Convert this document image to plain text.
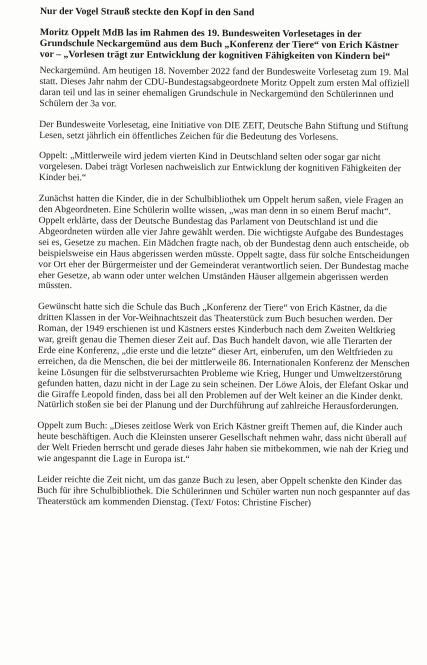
Nur der Vogel Strauß steckte den Kopf in den Sand
Moritz Oppelt MdB las im Rahmen des 19. Bundesweiten Vorlesetages in der Grundschule Neckargemünd aus dem Buch „Konferenz der Tiere“ von Erich Kästner vor – „Vorlesen trägt zur Entwicklung der kognitiven Fähigkeiten von Kindern bei“

Neckargemünd. Am heutigen 18. November 2022 fand der Bundesweite Vorlesetag zum 19. Mal statt. Dieses Jahr nahm der CDU-Bundestagsabgeordnete Moritz Oppelt zum ersten Mal offiziell daran teil und las in seiner ehemaligen Grundschule in Neckargemünd den Schülerinnen und Schülern der 3a vor.

Der Bundesweite Vorlesetag, eine Initiative von DIE ZEIT, Deutsche Bahn Stiftung und Stiftung Lesen, setzt jährlich ein öffentliches Zeichen für die Bedeutung des Vorlesens.

Oppelt: „Mittlerweile wird jedem vierten Kind in Deutschland selten oder sogar gar nicht vorgelesen. Dabei trägt Vorlesen nachweislich zur Entwicklung der kognitiven Fähigkeiten der Kinder bei.“

Zunächst hatten die Kinder, die in der Schulbibliothek um Oppelt herum saßen, viele Fragen an den Abgeordneten. Eine Schülerin wollte wissen, „was man denn in so einem Beruf macht“. Oppelt erklärte, dass der Deutsche Bundestag das Parlament von Deutschland ist und die Abgeordneten würden alle vier Jahre gewählt werden. Die wichtigste Aufgabe des Bundestages sei es, Gesetze zu machen. Ein Mädchen fragte nach, ob der Bundestag denn auch entscheide, ob beispielsweise ein Haus abgerissen werden müsste. Oppelt sagte, dass für solche Entscheidungen vor Ort eher der Bürgermeister und der Gemeinderat verantwortlich seien. Der Bundestag mache eher Gesetze, ab wann oder unter welchen Umständen Häuser allgemein abgerissen werden müssten.

Gewünscht hatte sich die Schule das Buch „Konferenz der Tiere“ von Erich Kästner, da die dritten Klassen in der Vor-Weihnachtszeit das Theaterstück zum Buch besuchen werden. Der Roman, der 1949 erschienen ist und Kästners erstes Kinderbuch nach dem Zweiten Weltkrieg war, greift genau die Themen dieser Zeit auf. Das Buch handelt davon, wie alle Tierarten der Erde eine Konferenz, „die erste und die letzte“ dieser Art, einberufen, um den Weltfrieden zu erreichen, da die Menschen, die bei der mittlerweile 86. Internationalen Konferenz der Menschen keine Lösungen für die selbstverursachten Probleme wie Krieg, Hunger und Umweltzerstörung gefunden hatten, dazu nicht in der Lage zu sein scheinen. Der Löwe Alois, der Elefant Oskar und die Giraffe Leopold finden, dass bei all den Problemen auf der Welt keiner an die Kinder denkt. Natürlich stoßen sie bei der Planung und der Durchführung auf zahlreiche Herausforderungen.

Oppelt zum Buch: „Dieses zeitlose Werk von Erich Kästner greift Themen auf, die Kinder auch heute beschäftigen. Auch die Kleinsten unserer Gesellschaft nehmen wahr, dass nicht überall auf der Welt Frieden herrscht und gerade dieses Jahr haben sie mitbekommen, wie nah der Krieg und wie angespannt die Lage in Europa ist.“

Leider reichte die Zeit nicht, um das ganze Buch zu lesen, aber Oppelt schenkte den Kinder das Buch für ihre Schulbibliothek. Die Schülerinnen und Schüler warten nun noch gespannter auf das Theaterstück am kommenden Dienstag. (Text/ Fotos: Christine Fischer)
